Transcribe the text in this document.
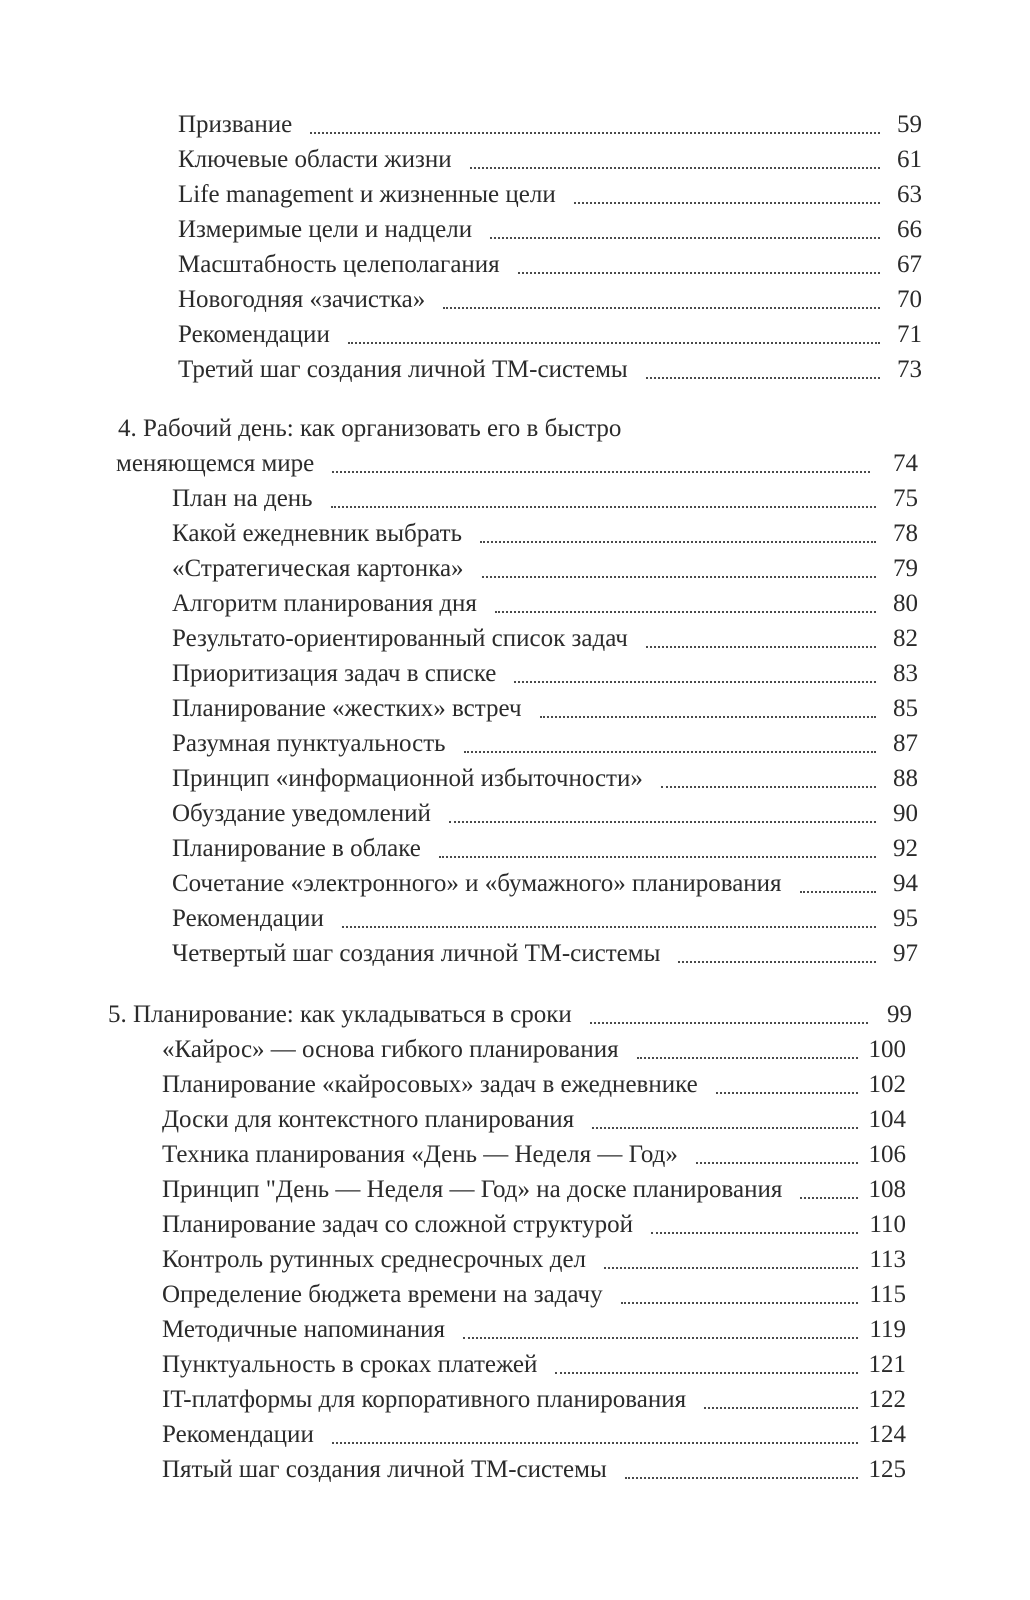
Призвание	59
Ключевые области жизни	61
Life management и жизненные цели	63
Измеримые цели и надцели	66
Масштабность целеполагания	67
Новогодняя «зачистка»	70
Рекомендации	71
Третий шаг создания личной ТМ-системы	73
4. Рабочий день: как организовать его в быстро
меняющемся мире	74
План на день	75
Какой ежедневник выбрать	78
«Стратегическая картонка»	79
Алгоритм планирования дня	80
Результато-ориентированный список задач	82
Приоритизация задач в списке	83
Планирование «жестких» встреч	85
Разумная пунктуальность	87
Принцип «информационной избыточности»	88
Обуздание уведомлений	90
Планирование в облаке	92
Сочетание «электронного» и «бумажного» планирования	94
Рекомендации	95
Четвертый шаг создания личной ТМ-системы	97
5. Планирование: как укладываться в сроки	99
«Кайрос» — основа гибкого планирования	100
Планирование «кайросовых» задач в ежедневнике	102
Доски для контекстного планирования	104
Техника планирования «День — Неделя — Год»	106
Принцип "День — Неделя — Год» на доске планирования	108
Планирование задач со сложной структурой	110
Контроль рутинных среднесрочных дел	113
Определение бюджета времени на задачу	115
Методичные напоминания	119
Пунктуальность в сроках платежей	121
IT-платформы для корпоративного планирования	122
Рекомендации	124
Пятый шаг создания личной ТМ-системы	125
